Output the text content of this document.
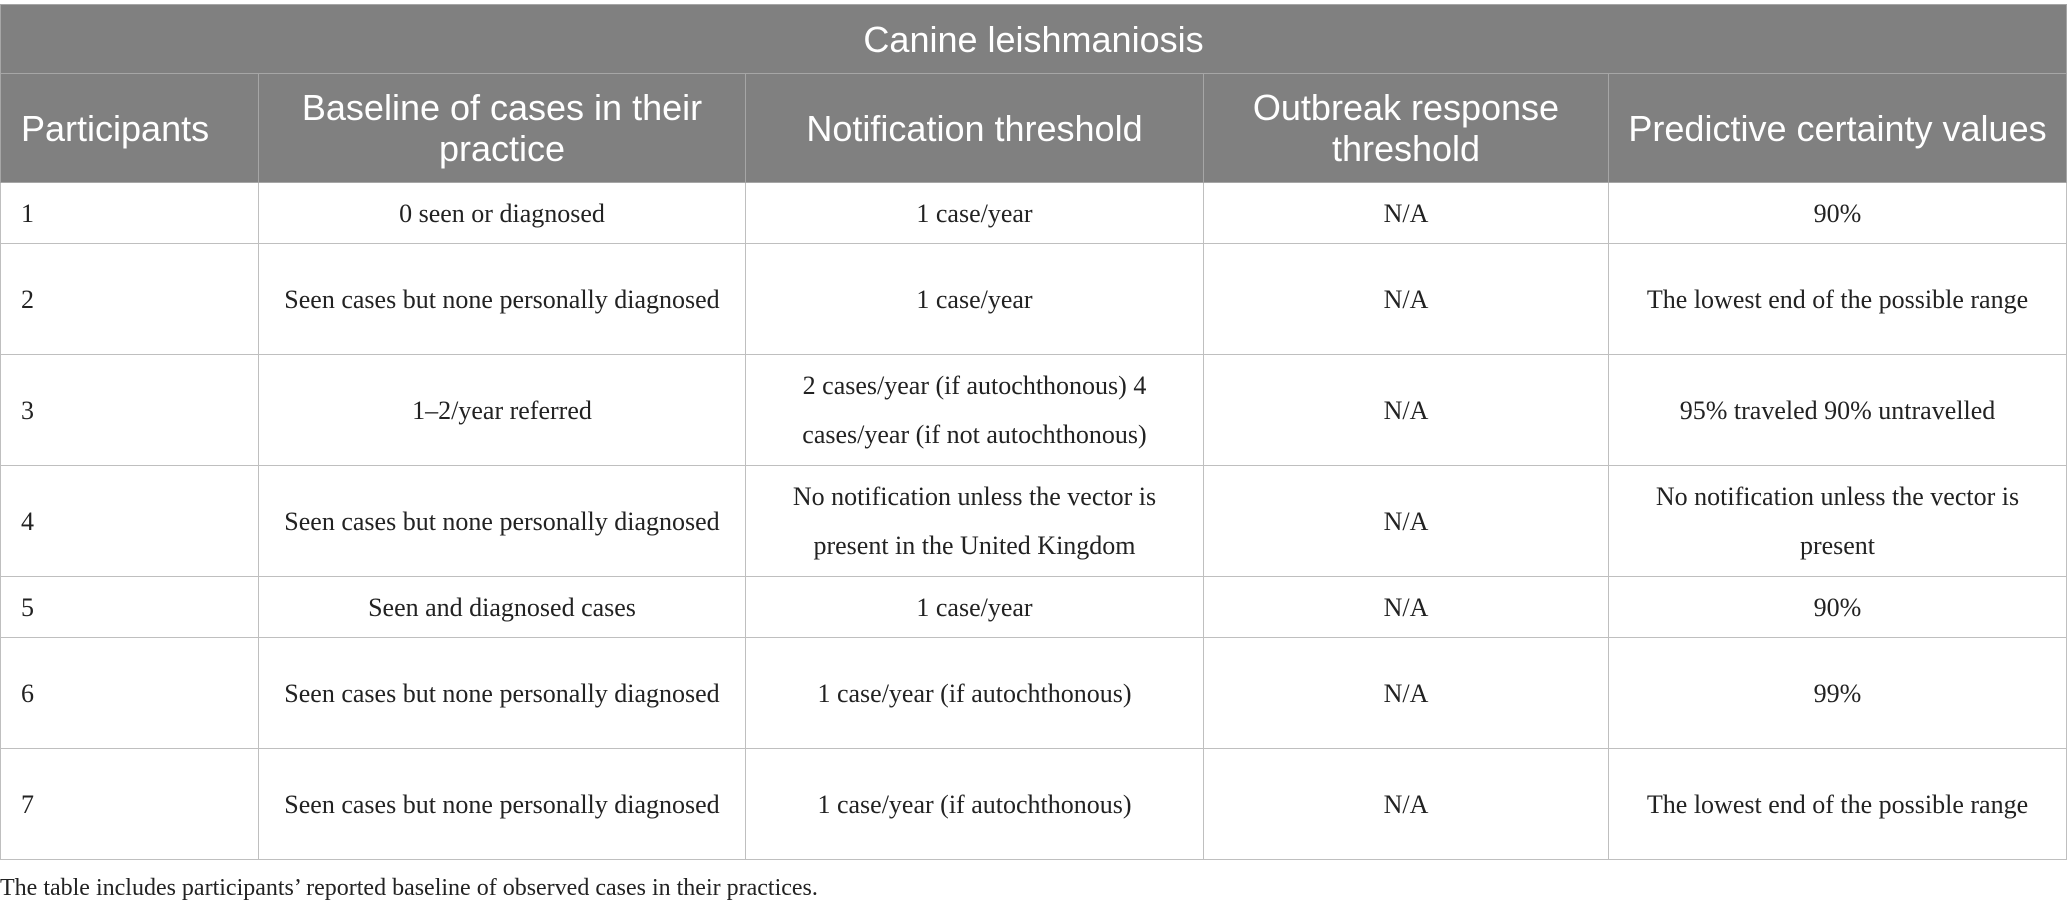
Canine leishmaniosis				
Participants	Baseline of cases in their practice	Notification threshold	Outbreak response threshold	Predictive certainty values
1	0 seen or diagnosed	1 case/year	N/A	90%
2	Seen cases but none personally diagnosed	1 case/year	N/A	The lowest end of the possible range
3	1–2/year referred	2 cases/year (if autochthonous) 4 cases/year (if not autochthonous)	N/A	95% traveled 90% untravelled
4	Seen cases but none personally diagnosed	No notification unless the vector is present in the United Kingdom	N/A	No notification unless the vector is present
5	Seen and diagnosed cases	1 case/year	N/A	90%
6	Seen cases but none personally diagnosed	1 case/year (if autochthonous)	N/A	99%
7	Seen cases but none personally diagnosed	1 case/year (if autochthonous)	N/A	The lowest end of the possible range
The table includes participants’ reported baseline of observed cases in their practices.
